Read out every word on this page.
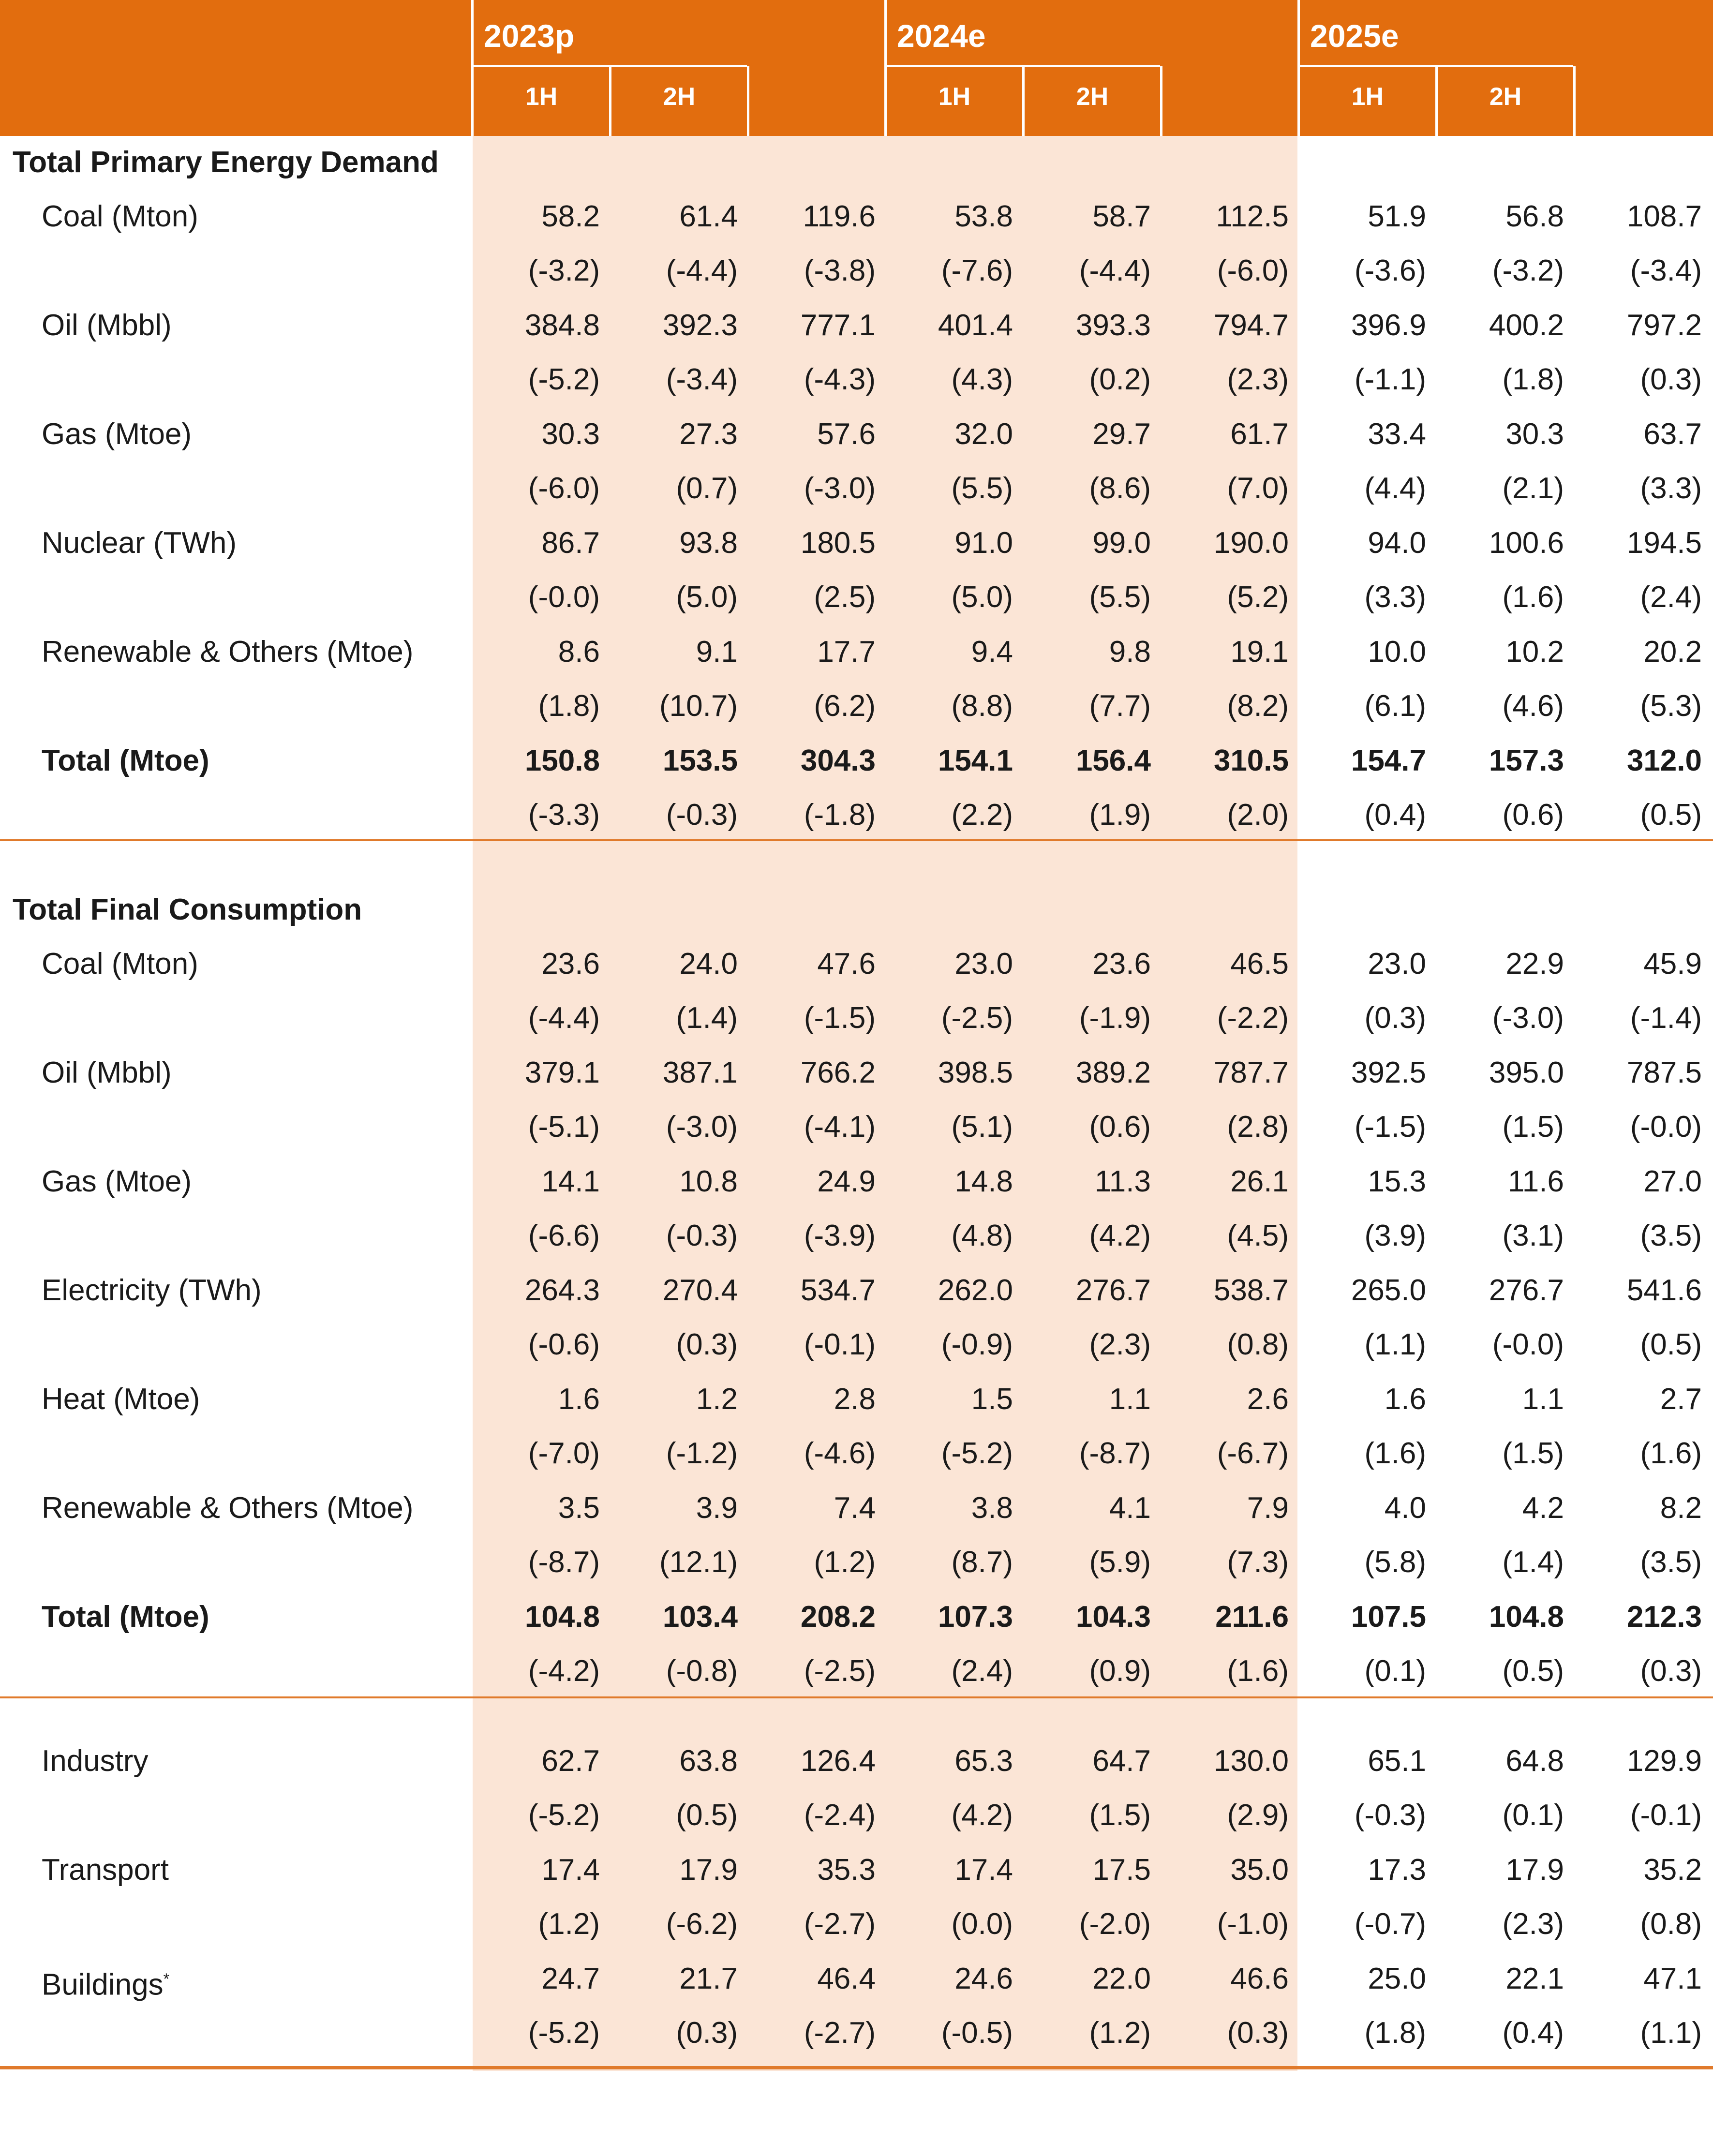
2023p	2024e	2025e
1H	2H	1H	2H	1H	2H
Total Primary Energy Demand
Coal (Mton)	58.2	61.4	119.6	53.8	58.7	112.5	51.9	56.8	108.7
(-3.2)	(-4.4)	(-3.8)	(-7.6)	(-4.4)	(-6.0)	(-3.6)	(-3.2)	(-3.4)
Oil (Mbbl)	384.8	392.3	777.1	401.4	393.3	794.7	396.9	400.2	797.2
(-5.2)	(-3.4)	(-4.3)	(4.3)	(0.2)	(2.3)	(-1.1)	(1.8)	(0.3)
Gas (Mtoe)	30.3	27.3	57.6	32.0	29.7	61.7	33.4	30.3	63.7
(-6.0)	(0.7)	(-3.0)	(5.5)	(8.6)	(7.0)	(4.4)	(2.1)	(3.3)
Nuclear (TWh)	86.7	93.8	180.5	91.0	99.0	190.0	94.0	100.6	194.5
(-0.0)	(5.0)	(2.5)	(5.0)	(5.5)	(5.2)	(3.3)	(1.6)	(2.4)
Renewable & Others (Mtoe)	8.6	9.1	17.7	9.4	9.8	19.1	10.0	10.2	20.2
(1.8)	(10.7)	(6.2)	(8.8)	(7.7)	(8.2)	(6.1)	(4.6)	(5.3)
Total (Mtoe)	150.8	153.5	304.3	154.1	156.4	310.5	154.7	157.3	312.0
(-3.3)	(-0.3)	(-1.8)	(2.2)	(1.9)	(2.0)	(0.4)	(0.6)	(0.5)
Total Final Consumption
Coal (Mton)	23.6	24.0	47.6	23.0	23.6	46.5	23.0	22.9	45.9
(-4.4)	(1.4)	(-1.5)	(-2.5)	(-1.9)	(-2.2)	(0.3)	(-3.0)	(-1.4)
Oil (Mbbl)	379.1	387.1	766.2	398.5	389.2	787.7	392.5	395.0	787.5
(-5.1)	(-3.0)	(-4.1)	(5.1)	(0.6)	(2.8)	(-1.5)	(1.5)	(-0.0)
Gas (Mtoe)	14.1	10.8	24.9	14.8	11.3	26.1	15.3	11.6	27.0
(-6.6)	(-0.3)	(-3.9)	(4.8)	(4.2)	(4.5)	(3.9)	(3.1)	(3.5)
Electricity (TWh)	264.3	270.4	534.7	262.0	276.7	538.7	265.0	276.7	541.6
(-0.6)	(0.3)	(-0.1)	(-0.9)	(2.3)	(0.8)	(1.1)	(-0.0)	(0.5)
Heat (Mtoe)	1.6	1.2	2.8	1.5	1.1	2.6	1.6	1.1	2.7
(-7.0)	(-1.2)	(-4.6)	(-5.2)	(-8.7)	(-6.7)	(1.6)	(1.5)	(1.6)
Renewable & Others (Mtoe)	3.5	3.9	7.4	3.8	4.1	7.9	4.0	4.2	8.2
(-8.7)	(12.1)	(1.2)	(8.7)	(5.9)	(7.3)	(5.8)	(1.4)	(3.5)
Total (Mtoe)	104.8	103.4	208.2	107.3	104.3	211.6	107.5	104.8	212.3
(-4.2)	(-0.8)	(-2.5)	(2.4)	(0.9)	(1.6)	(0.1)	(0.5)	(0.3)
Industry	62.7	63.8	126.4	65.3	64.7	130.0	65.1	64.8	129.9
(-5.2)	(0.5)	(-2.4)	(4.2)	(1.5)	(2.9)	(-0.3)	(0.1)	(-0.1)
Transport	17.4	17.9	35.3	17.4	17.5	35.0	17.3	17.9	35.2
(1.2)	(-6.2)	(-2.7)	(0.0)	(-2.0)	(-1.0)	(-0.7)	(2.3)	(0.8)
Buildings*	24.7	21.7	46.4	24.6	22.0	46.6	25.0	22.1	47.1
(-5.2)	(0.3)	(-2.7)	(-0.5)	(1.2)	(0.3)	(1.8)	(0.4)	(1.1)
